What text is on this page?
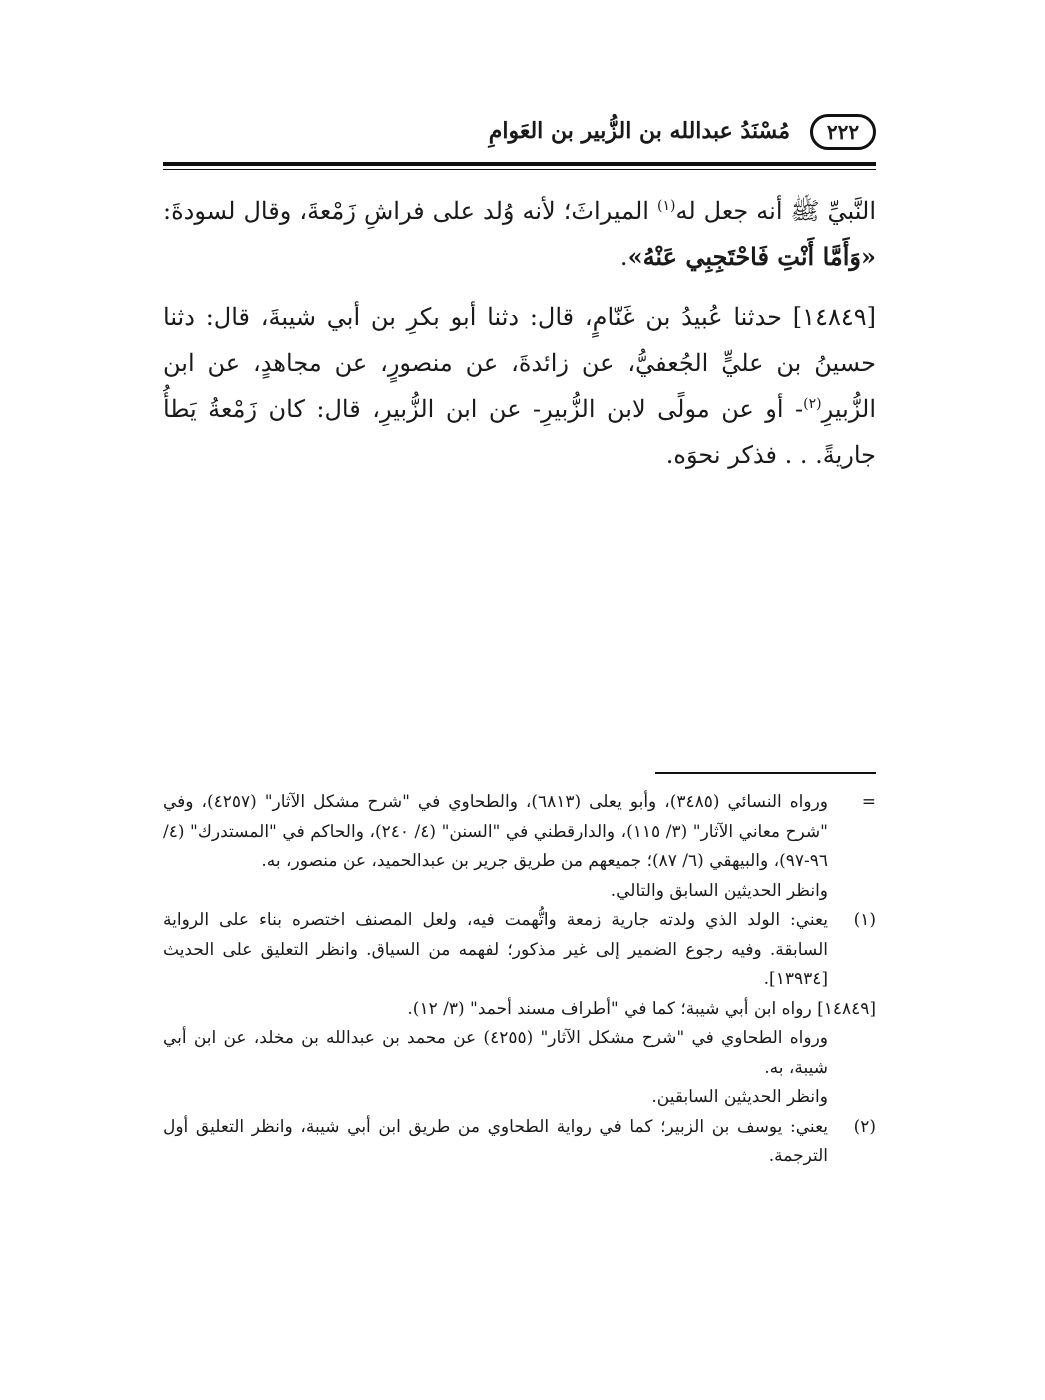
٢٢٢
مُسْنَدُ عبدالله بن الزُّبير بن العَوامِ

النَّبيِّ ﷺ أنه جعل له$^{(١)}$ الميراثَ؛ لأنه وُلد على فراشِ زَمْعةَ، وقال لسودةَ: «وَأَمَّا أَنْتِ فَاحْتَجِبِي عَنْهُ».

[١٤٨٤٩] حدثنا عُبيدُ بن غَنّامٍ، قال: دثنا أبو بكرِ بن أبي شيبةَ، قال: دثنا حسينُ بن عليٍّ الجُعفيُّ، عن زائدةَ، عن منصورٍ، عن مجاهدٍ، عن ابن الزُّبيرِ$^{(٢)}$- أو عن مولًى لابن الزُّبيرِ- عن ابن الزُّبيرِ، قال: كان زَمْعةُ يَطأُ جاريةً. . . فذكر نحوَه.

=

ورواه النسائي (٣٤٨٥)، وأبو يعلى (٦٨١٣)، والطحاوي في "شرح مشكل الآثار" (٤٢٥٧)، وفي "شرح معاني الآثار" (٣/ ١١٥)، والدارقطني في "السنن" (٤/ ٢٤٠)، والحاكم في "المستدرك" (٤/ ٩٦-٩٧)، والبيهقي (٦/ ٨٧)؛ جميعهم من طريق جرير بن عبدالحميد، عن منصور، به.

وانظر الحديثين السابق والتالي.

(١)

يعني: الولد الذي ولدته جارية زمعة واتُّهمت فيه، ولعل المصنف اختصره بناء على الرواية السابقة. وفيه رجوع الضمير إلى غير مذكور؛ لفهمه من السياق. وانظر التعليق على الحديث [١٣٩٣٤].

[١٤٨٤٩] رواه ابن أبي شيبة؛ كما في "أطراف مسند أحمد" (٣/ ١٢).

ورواه الطحاوي في "شرح مشكل الآثار" (٤٢٥٥) عن محمد بن عبدالله بن مخلد، عن ابن أبي شيبة، به.

وانظر الحديثين السابقين.

(٢)

يعني: يوسف بن الزبير؛ كما في رواية الطحاوي من طريق ابن أبي شيبة، وانظر التعليق أول الترجمة.
